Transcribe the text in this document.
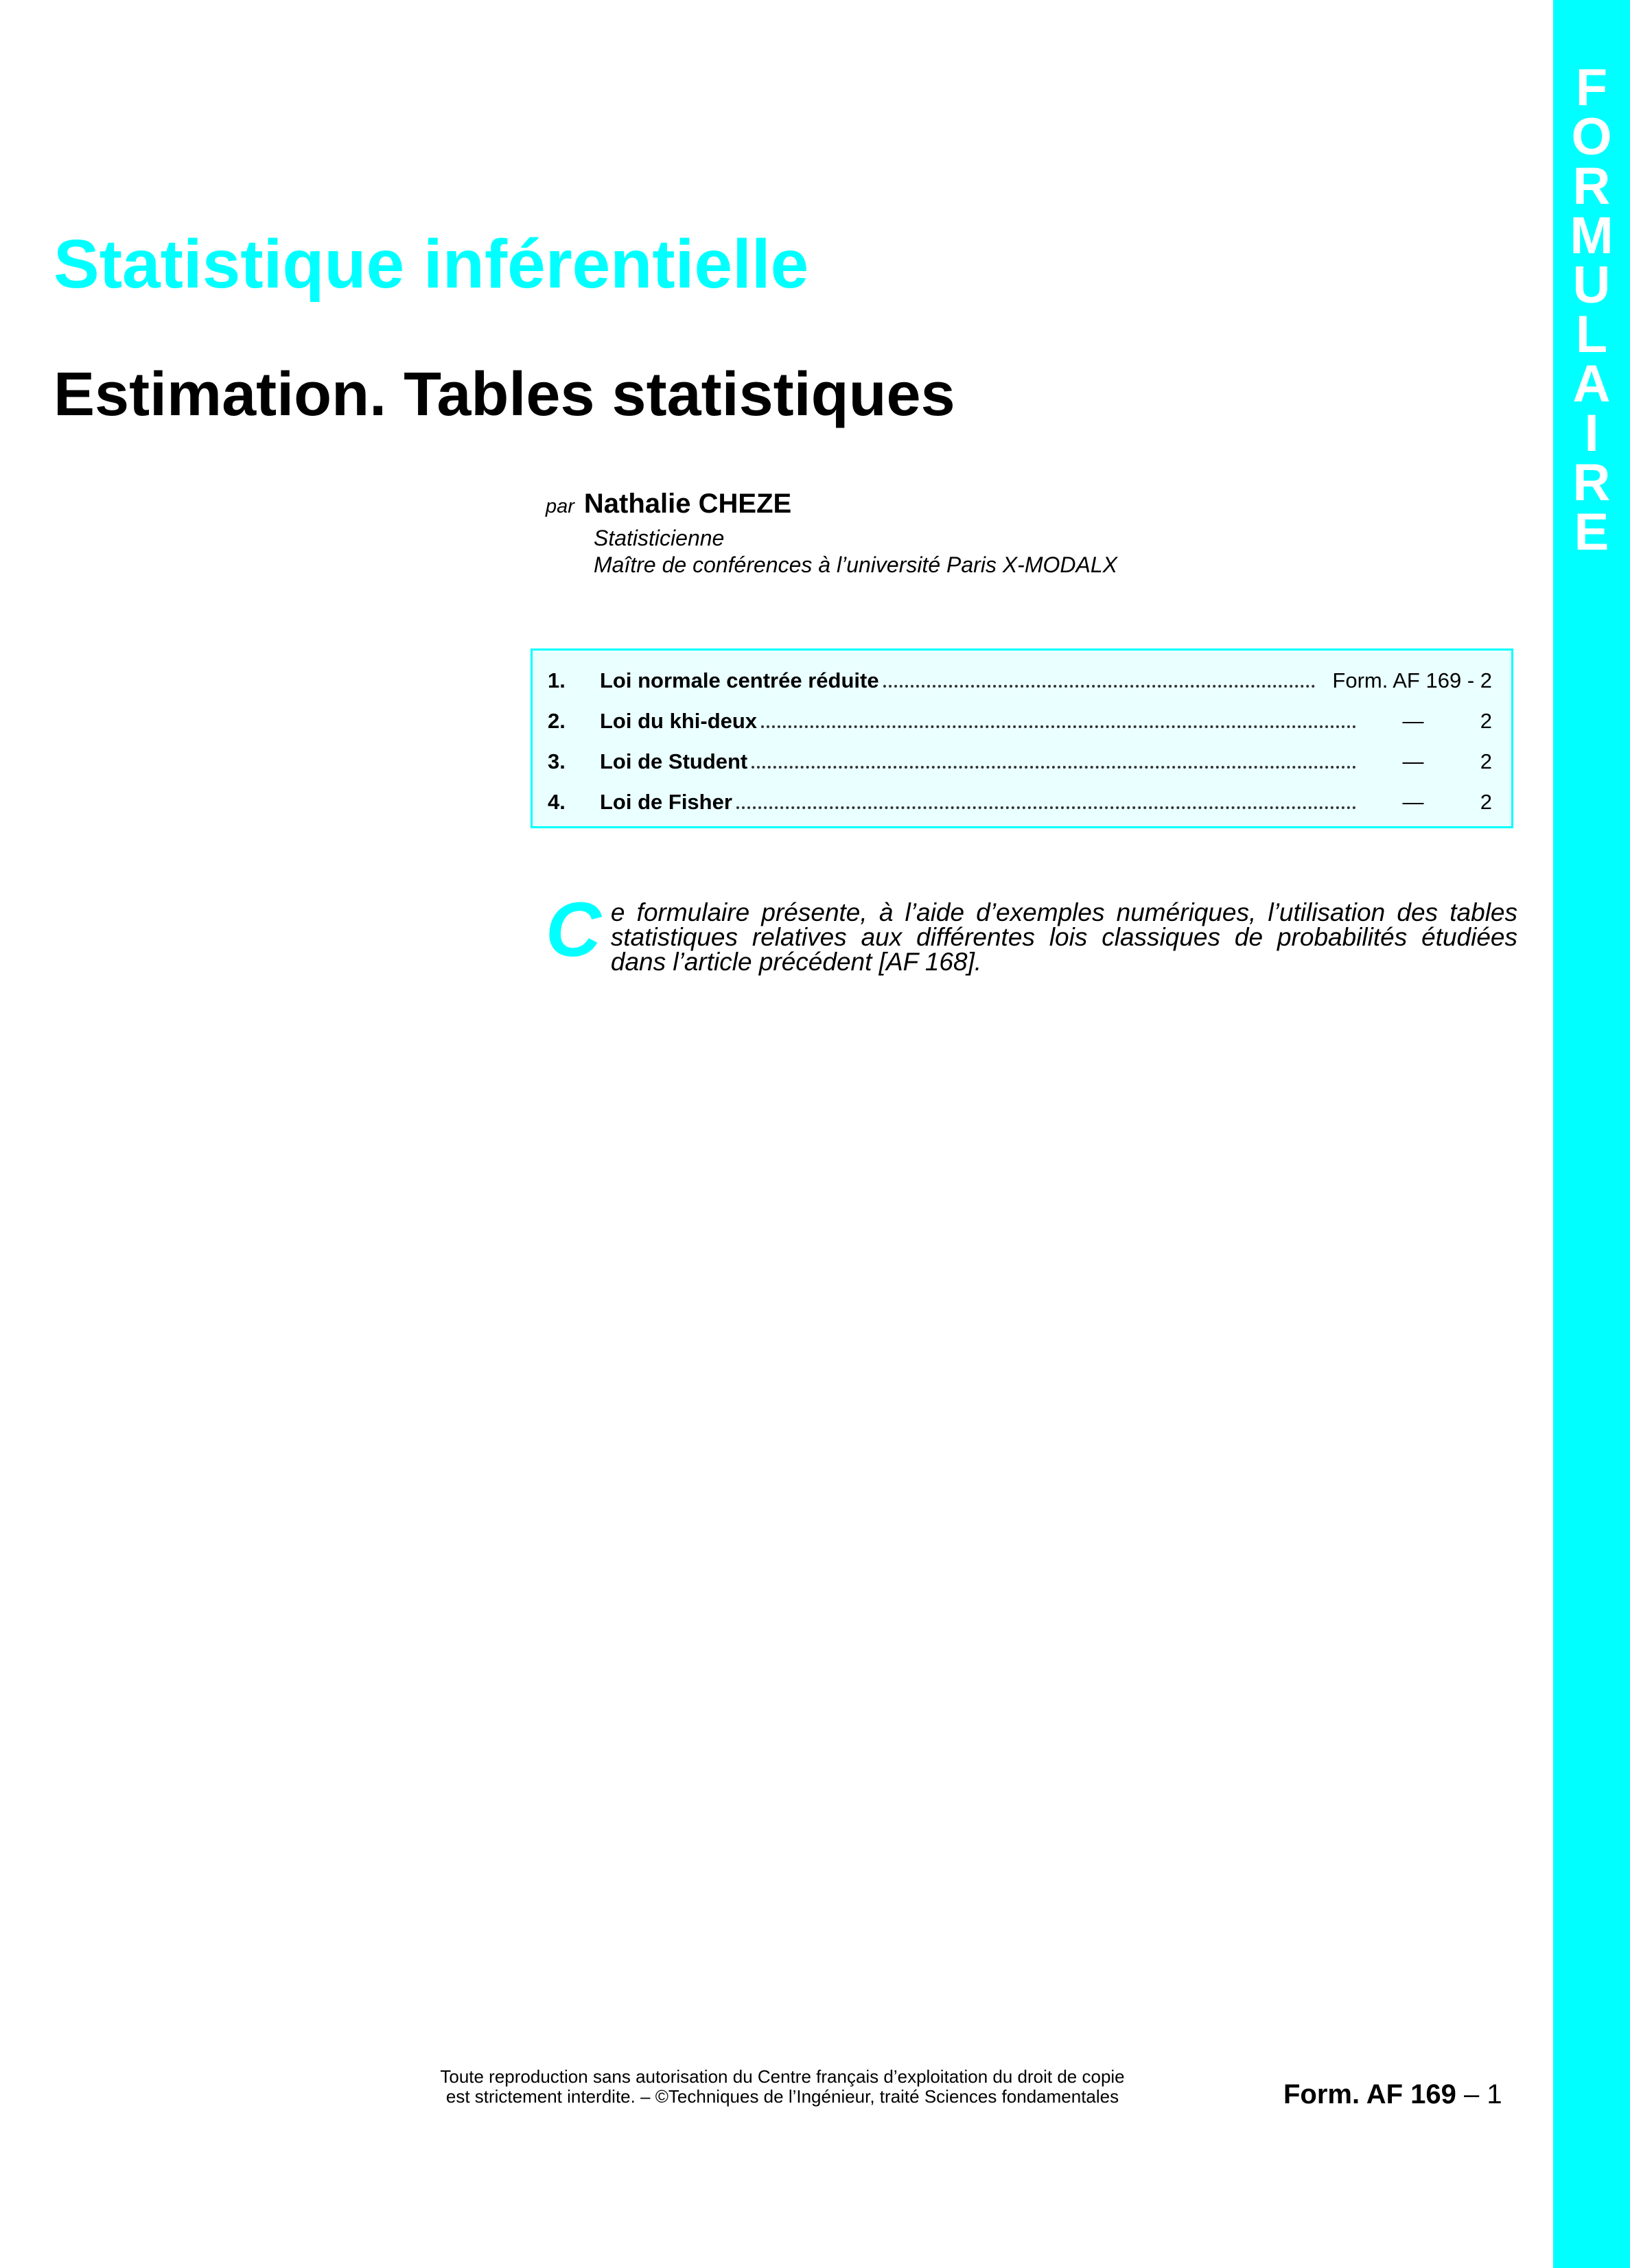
F
O
R
M
U
L
A
I
R
E
Statistique inférentielle
Estimation. Tables statistiques
par Nathalie CHEZE
Statisticienne
Maître de conférences à l’université Paris X-MODALX
1.	Loi normale centrée réduite	Form. AF 169 - 2
2.	Loi du khi-deux	—	2
3.	Loi de Student	—	2
4.	Loi de Fisher	—	2
Ce formulaire présente, à l’aide d’exemples numériques, l’utilisation des tables statistiques relatives aux différentes lois classiques de probabilités étudiées dans l’article précédent [AF 168].
Toute reproduction sans autorisation du Centre français d’exploitation du droit de copie
est strictement interdite. – ©Techniques de l’Ingénieur, traité Sciences fondamentales	Form. AF 169 – 1
